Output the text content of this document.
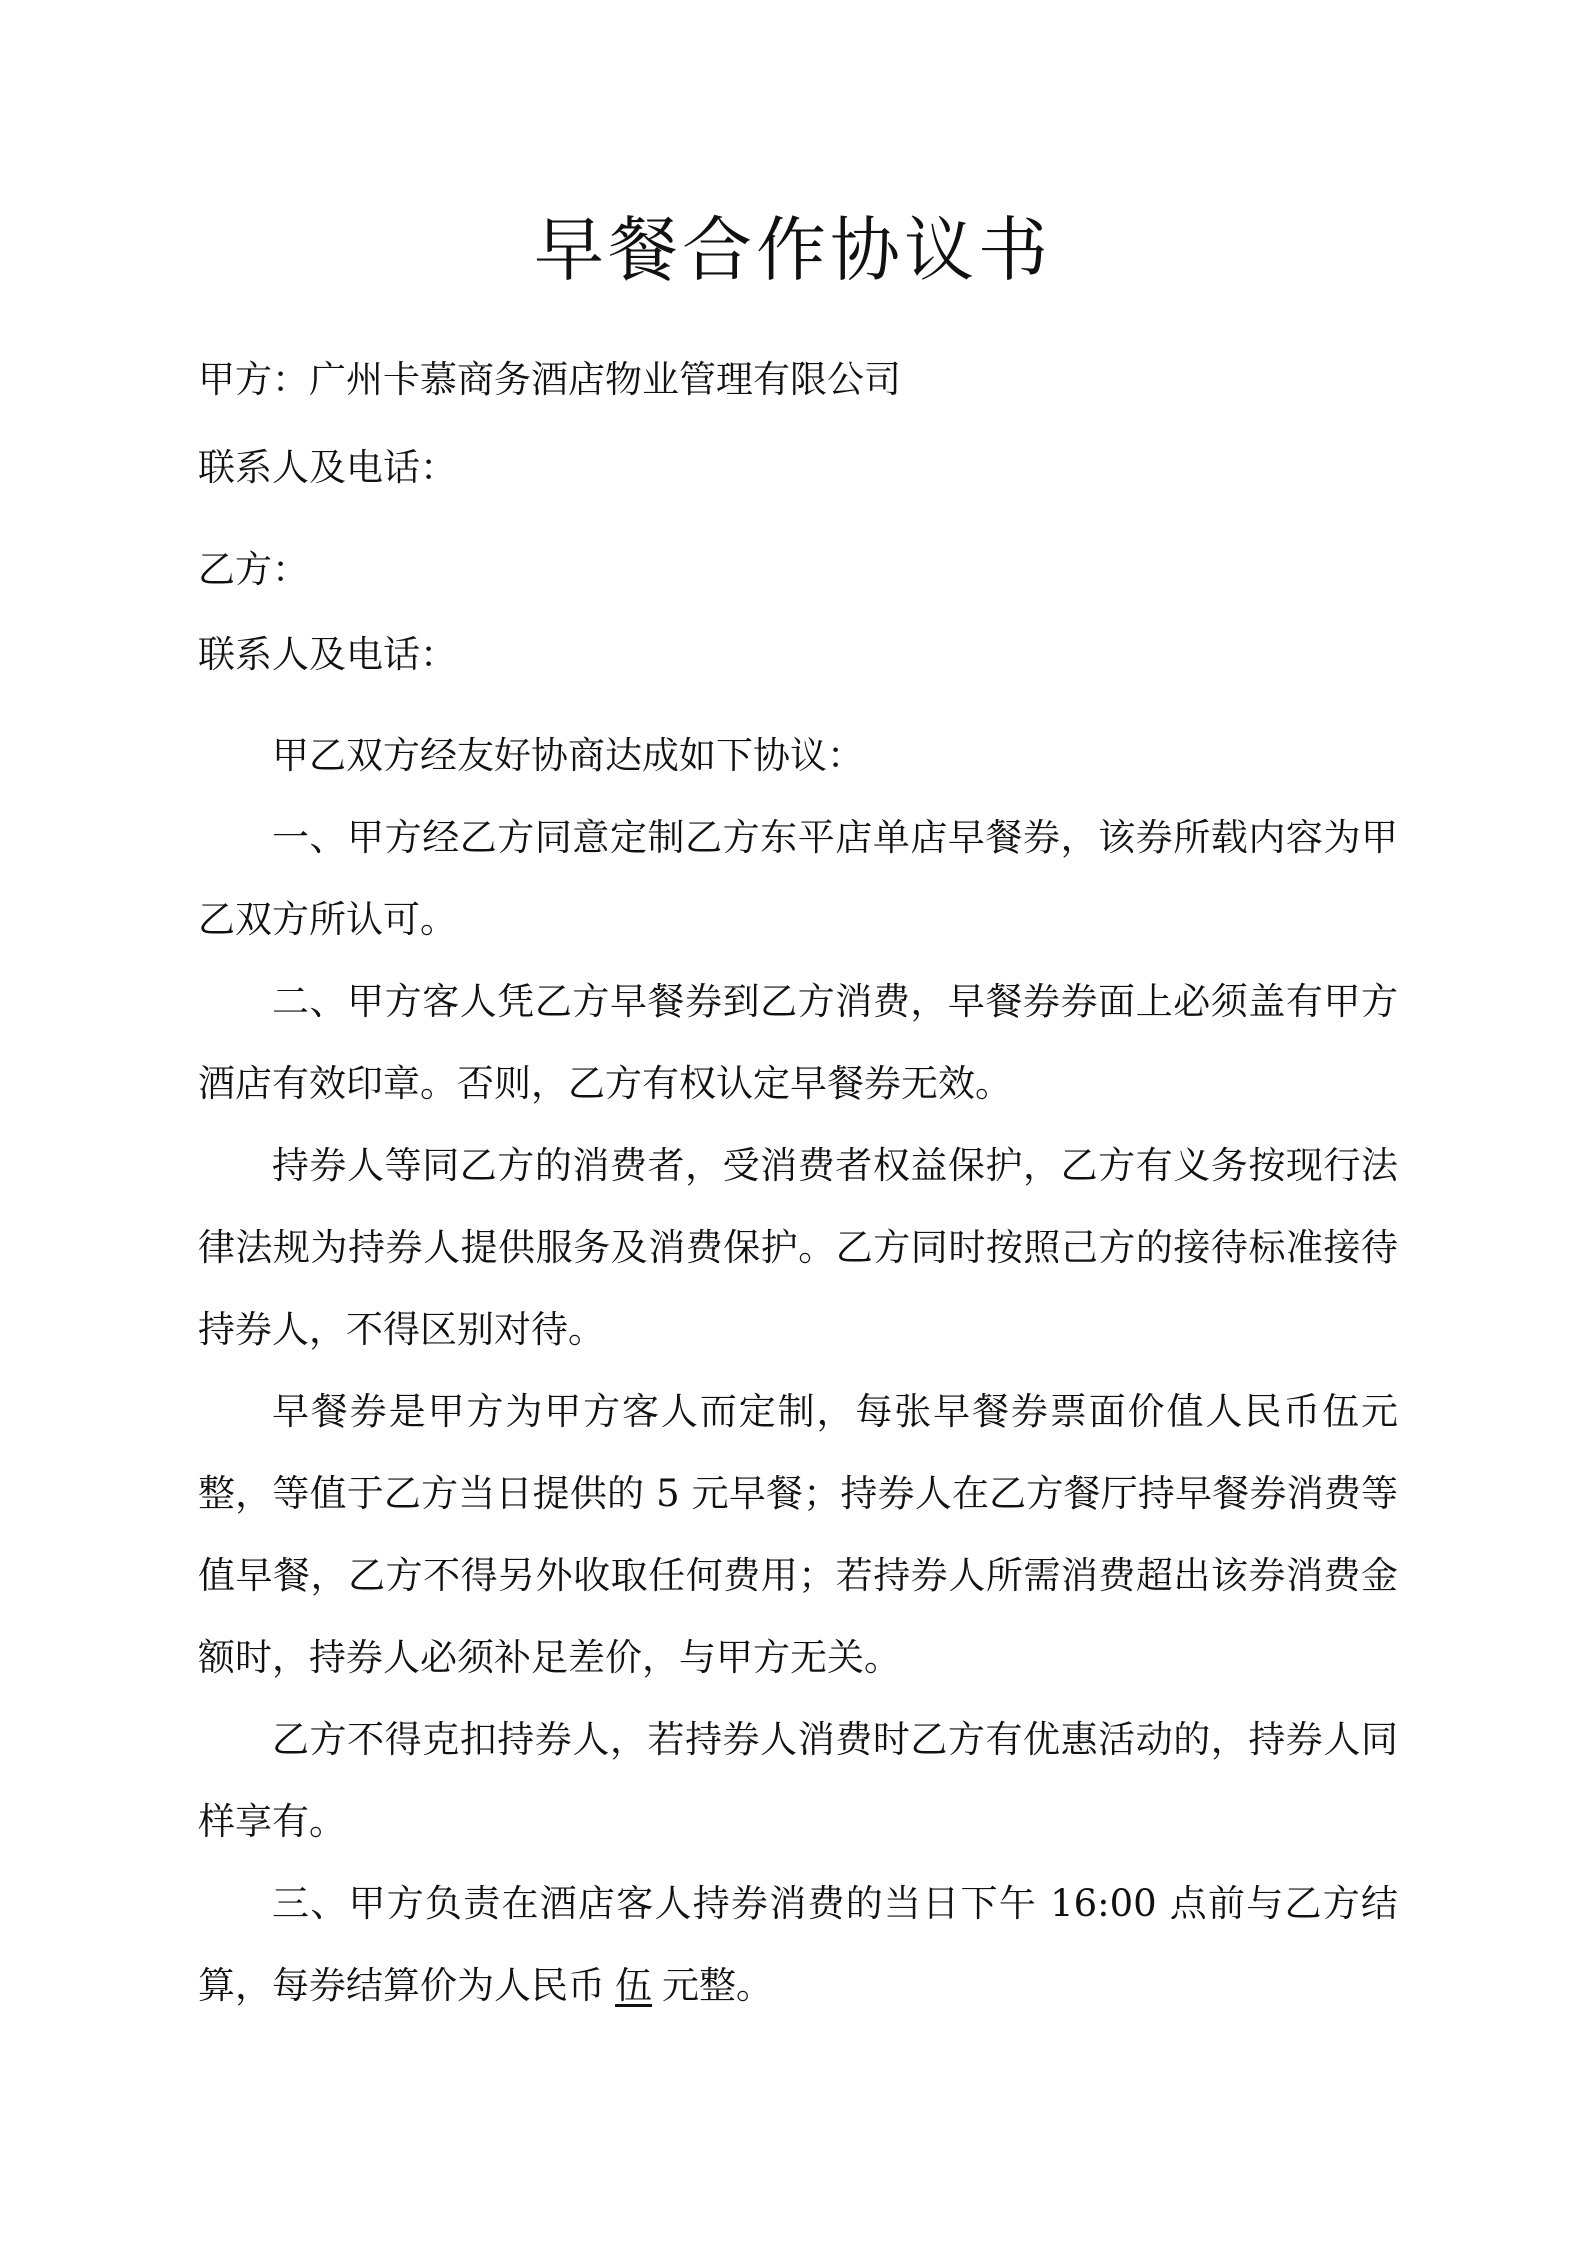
早餐合作协议书

甲方：广州卡慕商务酒店物业管理有限公司

联系人及电话：

乙方：

联系人及电话：

甲乙双方经友好协商达成如下协议：

一、甲方经乙方同意定制乙方东平店单店早餐券，该券所载内容为甲乙双方所认可。

二、甲方客人凭乙方早餐券到乙方消费，早餐券券面上必须盖有甲方酒店有效印章。否则，乙方有权认定早餐券无效。

持券人等同乙方的消费者，受消费者权益保护，乙方有义务按现行法律法规为持券人提供服务及消费保护。乙方同时按照己方的接待标准接待持券人，不得区别对待。

早餐券是甲方为甲方客人而定制，每张早餐券票面价值人民币伍元整，等值于乙方当日提供的 5 元早餐；持券人在乙方餐厅持早餐券消费等值早餐，乙方不得另外收取任何费用；若持券人所需消费超出该券消费金额时，持券人必须补足差价，与甲方无关。

乙方不得克扣持券人，若持券人消费时乙方有优惠活动的，持券人同样享有。

三、甲方负责在酒店客人持券消费的当日下午 16:00 点前与乙方结算，每券结算价为人民币 伍 元整。
